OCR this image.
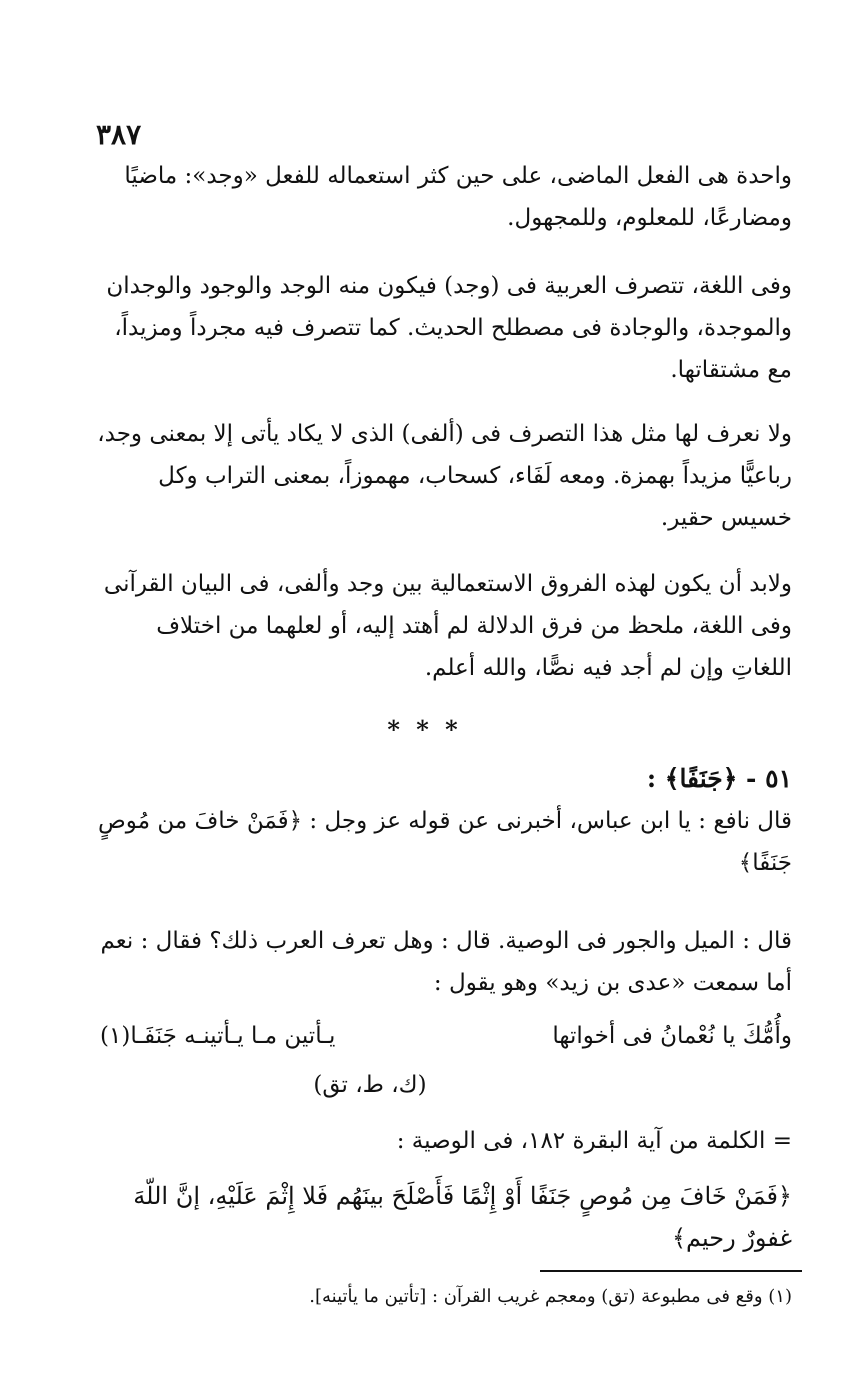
٣٨٧

واحدة هى الفعل الماضى، على حين كثر استعماله للفعل «وجد»: ماضيًا ومضارعًا، للمعلوم، وللمجهول.

وفى اللغة، تتصرف العربية فى (وجد) فيكون منه الوجد والوجود والوجدان والموجدة، والوجادة فى مصطلح الحديث. كما تتصرف فيه مجرداً ومزيداً، مع مشتقاتها.

ولا نعرف لها مثل هذا التصرف فى (ألفى) الذى لا يكاد يأتى إلا بمعنى وجد، رباعيًّا مزيداً بهمزة. ومعه لَفَاء، كسحاب، مهموزاً، بمعنى التراب وكل خسيس حقير.

ولابد أن يكون لهذه الفروق الاستعمالية بين وجد وألفى، فى البيان القرآنى وفى اللغة، ملحظ من فرق الدلالة لم أهتد إليه، أو لعلهما من اختلاف اللغاتِ وإن لم أجد فيه نصًّا، والله أعلم.

* * *
٥١ - ﴿جَنَفًا﴾ :

قال نافع : يا ابن عباس، أخبرنى عن قوله عز وجل : ﴿فَمَنْ خافَ من مُوصٍ جَنَفًا﴾

قال : الميل والجور فى الوصية. قال : وهل تعرف العرب ذلك؟ فقال : نعم أما سمعت «عدى بن زيد» وهو يقول :

وأُمُّكَ يا نُعْمانُ فى أخواتها
يـأتين مـا يـأتينـه جَنَفَـا(١)
(ك، ط، تق)

= الكلمة من آية البقرة ١٨٢، فى الوصية :

﴿فَمَنْ خَافَ مِن مُوصٍ جَنَفًا أَوْ إِثْمًا فَأَصْلَحَ بينَهُم فَلا إِثْمَ عَلَيْهِ، إنَّ اللّهَ غفورٌ رحيم﴾

(١) وقع فى مطبوعة (تق) ومعجم غريب القرآن : [تأتين ما يأتينه].
